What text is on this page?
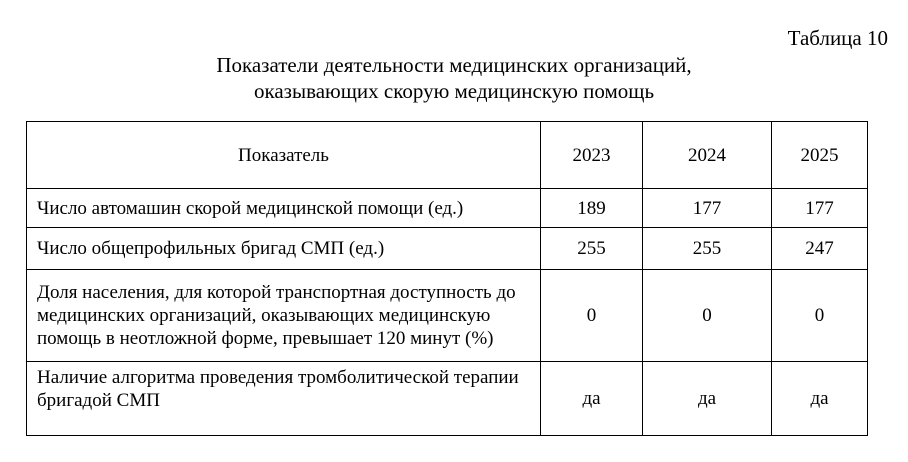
Таблица 10
Показатели деятельности медицинских организаций,
оказывающих скорую медицинскую помощь
Показатель	2023	2024	2025
Число автомашин скорой медицинской помощи (ед.)	189	177	177
Число общепрофильных бригад СМП (ед.)	255	255	247
Доля населения, для которой транспортная доступность до медицинских организаций, оказывающих медицинскую помощь в неотложной форме, превышает 120 минут (%)	0	0	0
Наличие алгоритма проведения тромболитической терапии бригадой СМП	да	да	да
